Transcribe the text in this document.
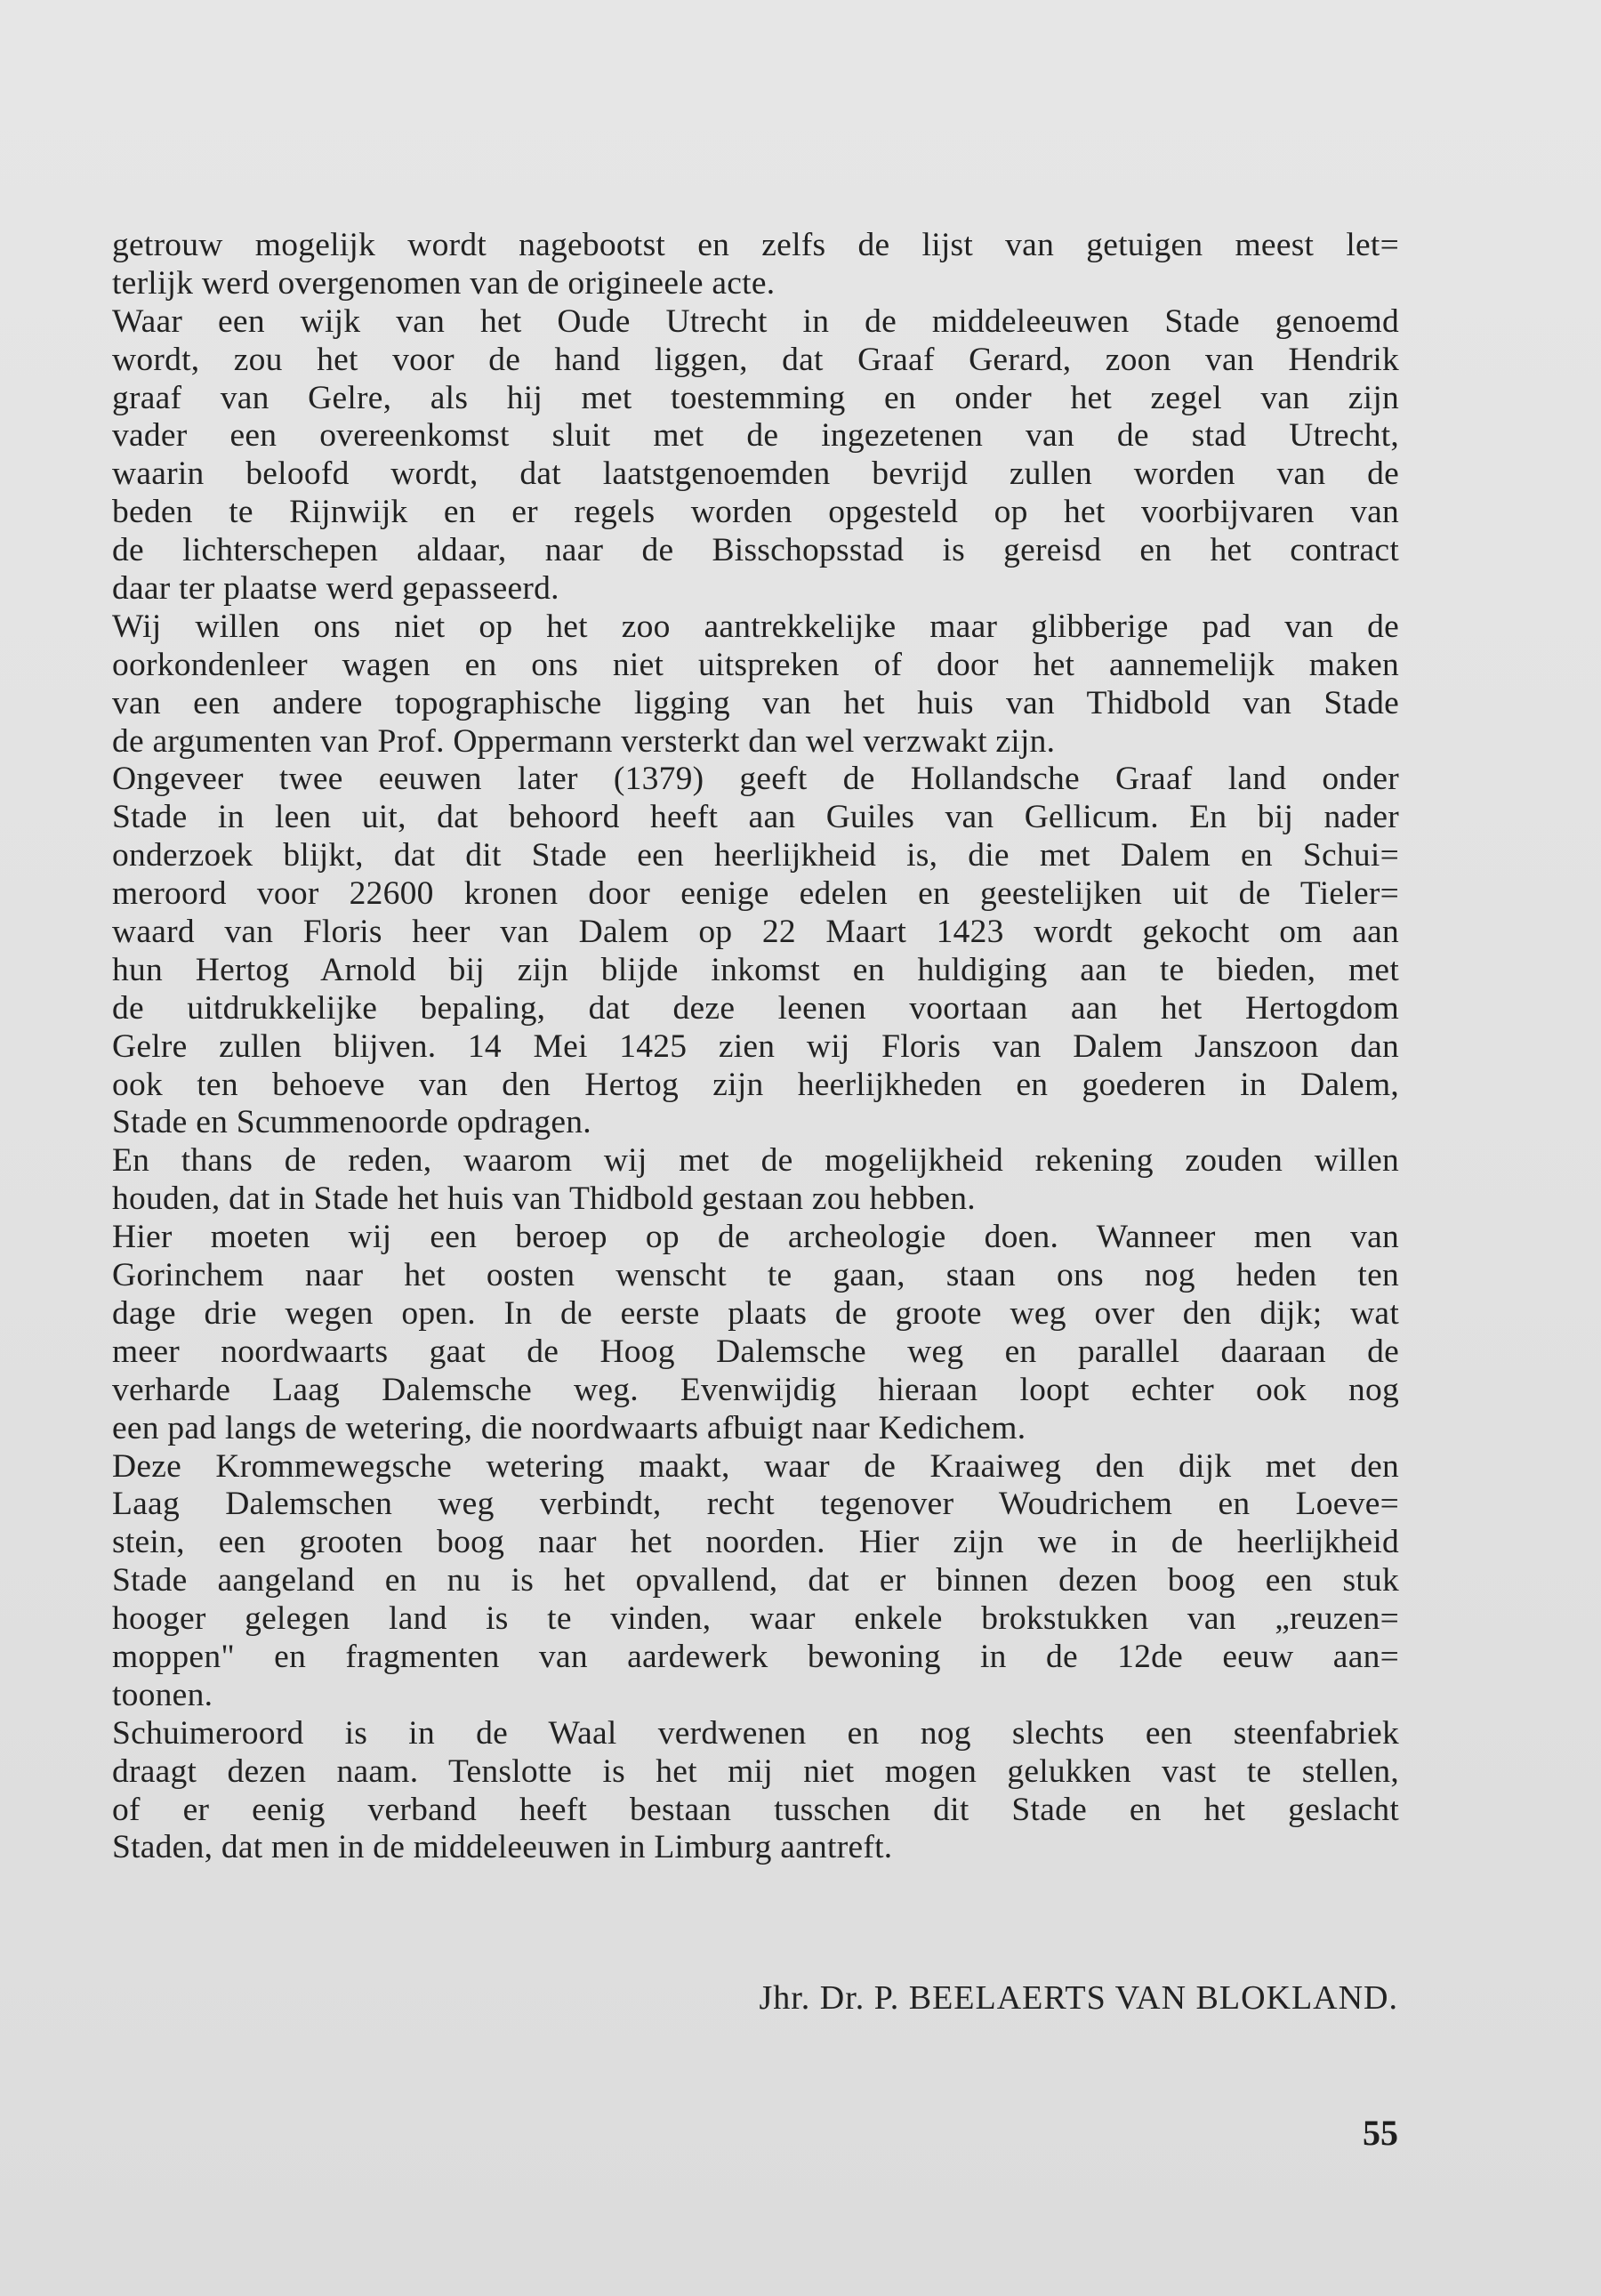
getrouw mogelijk wordt nagebootst en zelfs de lijst van getuigen meest let=
terlijk werd overgenomen van de origineele acte.
Waar een wijk van het Oude Utrecht in de middeleeuwen Stade genoemd
wordt, zou het voor de hand liggen, dat Graaf Gerard, zoon van Hendrik
graaf van Gelre, als hij met toestemming en onder het zegel van zijn
vader een overeenkomst sluit met de ingezetenen van de stad Utrecht,
waarin beloofd wordt, dat laatstgenoemden bevrijd zullen worden van de
beden te Rijnwijk en er regels worden opgesteld op het voorbijvaren van
de lichterschepen aldaar, naar de Bisschopsstad is gereisd en het contract
daar ter plaatse werd gepasseerd.
Wij willen ons niet op het zoo aantrekkelijke maar glibberige pad van de
oorkondenleer wagen en ons niet uitspreken of door het aannemelijk maken
van een andere topographische ligging van het huis van Thidbold van Stade
de argumenten van Prof. Oppermann versterkt dan wel verzwakt zijn.
Ongeveer twee eeuwen later (1379) geeft de Hollandsche Graaf land onder
Stade in leen uit, dat behoord heeft aan Guiles van Gellicum. En bij nader
onderzoek blijkt, dat dit Stade een heerlijkheid is, die met Dalem en Schui=
meroord voor 22600 kronen door eenige edelen en geestelijken uit de Tieler=
waard van Floris heer van Dalem op 22 Maart 1423 wordt gekocht om aan
hun Hertog Arnold bij zijn blijde inkomst en huldiging aan te bieden, met
de uitdrukkelijke bepaling, dat deze leenen voortaan aan het Hertogdom
Gelre zullen blijven. 14 Mei 1425 zien wij Floris van Dalem Janszoon dan
ook ten behoeve van den Hertog zijn heerlijkheden en goederen in Dalem,
Stade en Scummenoorde opdragen.
En thans de reden, waarom wij met de mogelijkheid rekening zouden willen
houden, dat in Stade het huis van Thidbold gestaan zou hebben.
Hier moeten wij een beroep op de archeologie doen. Wanneer men van
Gorinchem naar het oosten wenscht te gaan, staan ons nog heden ten
dage drie wegen open. In de eerste plaats de groote weg over den dijk; wat
meer noordwaarts gaat de Hoog Dalemsche weg en parallel daaraan de
verharde Laag Dalemsche weg. Evenwijdig hieraan loopt echter ook nog
een pad langs de wetering, die noordwaarts afbuigt naar Kedichem.
Deze Krommewegsche wetering maakt, waar de Kraaiweg den dijk met den
Laag Dalemschen weg verbindt, recht tegenover Woudrichem en Loeve=
stein, een grooten boog naar het noorden. Hier zijn we in de heerlijkheid
Stade aangeland en nu is het opvallend, dat er binnen dezen boog een stuk
hooger gelegen land is te vinden, waar enkele brokstukken van „reuzen=
moppen" en fragmenten van aardewerk bewoning in de 12de eeuw aan=
toonen.
Schuimeroord is in de Waal verdwenen en nog slechts een steenfabriek
draagt dezen naam. Tenslotte is het mij niet mogen gelukken vast te stellen,
of er eenig verband heeft bestaan tusschen dit Stade en het geslacht
Staden, dat men in de middeleeuwen in Limburg aantreft.
Jhr. Dr. P. BEELAERTS VAN BLOKLAND.
55
